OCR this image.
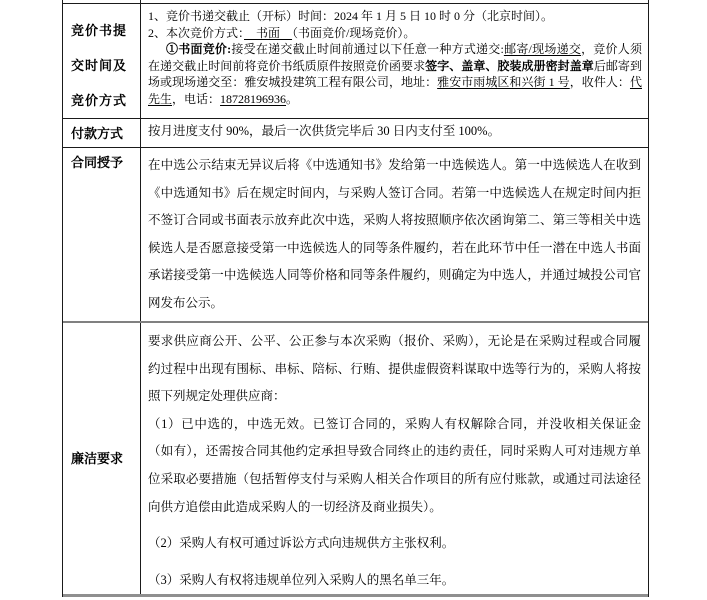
竞价书提交时间及竞价方式

1、竞价书递交截止（开标）时间：2024 年 1 月 5 日 10 时 0 分（北京时间）。

2、本次竞价方式：　书面　（书面竞价/现场竞价）。

①书面竞价:接受在递交截止时间前通过以下任意一种方式递交:邮寄/现场递交，竞价人须在递交截止时间前将竞价书纸质原件按照竞价函要求签字、盖章、胶装成册密封盖章后邮寄到场或现场递交至：雅安城投建筑工程有限公司，地址：雅安市雨城区和兴街 1 号，收件人：代先生，电话：18728196936。

付款方式	按月进度支付 90%，最后一次供货完毕后 30 日内支付至 100%。
合同授予	在中选公示结束无异议后将《中选通知书》发给第一中选候选人。第一中选候选人在收到《中选通知书》后在规定时间内，与采购人签订合同。若第一中选候选人在规定时间内拒不签订合同或书面表示放弃此次中选，采购人将按照顺序依次函询第二、第三等相关中选候选人是否愿意接受第一中选候选人的同等条件履约，若在此环节中任一潜在中选人书面承诺接受第一中选候选人同等价格和同等条件履约，则确定为中选人，并通过城投公司官网发布公示。
廉洁要求

要求供应商公开、公平、公正参与本次采购（报价、采购），无论是在采购过程或合同履约过程中出现有围标、串标、陪标、行贿、提供虚假资料谋取中选等行为的，采购人将按照下列规定处理供应商：

（1）已中选的，中选无效。已签订合同的，采购人有权解除合同，并没收相关保证金（如有），还需按合同其他约定承担导致合同终止的违约责任，同时采购人可对违规方单位采取必要措施（包括暂停支付与采购人相关合作项目的所有应付账款，或通过司法途径向供方追偿由此造成采购人的一切经济及商业损失）。

（2）采购人有权可通过诉讼方式向违规供方主张权利。

（3）采购人有权将违规单位列入采购人的黑名单三年。
